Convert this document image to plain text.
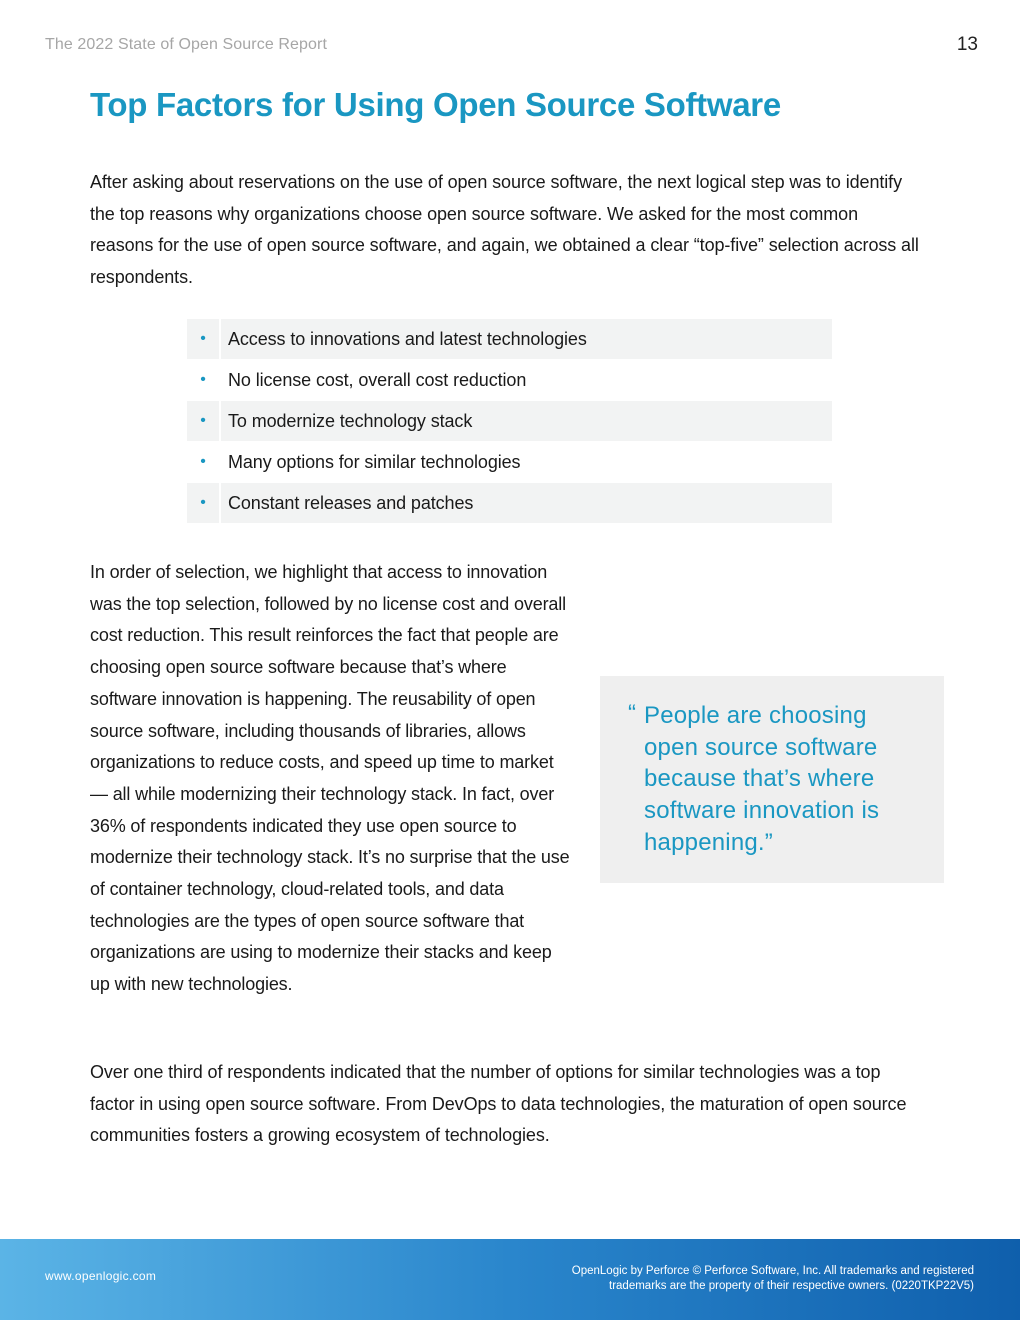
The 2022 State of Open Source Report	13
Top Factors for Using Open Source Software

After asking about reservations on the use of open source software, the next logical step was to identify the top reasons why organizations choose open source software. We asked for the most common reasons for the use of open source software, and again, we obtained a clear “top-five” selection across all respondents.

•	Access to innovations and latest technologies
•	No license cost, overall cost reduction
•	To modernize technology stack
•	Many options for similar technologies
•	Constant releases and patches

In order of selection, we highlight that access to innovation was the top selection, followed by no license cost and overall cost reduction. This result reinforces the fact that people are choosing open source software because that’s where software innovation is happening. The reusability of open source software, including thousands of libraries, allows organizations to reduce costs, and speed up time to market — all while modernizing their technology stack. In fact, over 36% of respondents indicated they use open source to modernize their technology stack. It’s no surprise that the use of container technology, cloud-related tools, and data technologies are the types of open source software that organizations are using to modernize their stacks and keep up with new technologies.

“ People are choosing open source software because that’s where software innovation is happening.”

Over one third of respondents indicated that the number of options for similar technologies was a top factor in using open source software. From DevOps to data technologies, the maturation of open source communities fosters a growing ecosystem of technologies.

www.openlogic.com	OpenLogic by Perforce © Perforce Software, Inc. All trademarks and registered
trademarks are the property of their respective owners. (0220TKP22V5)
